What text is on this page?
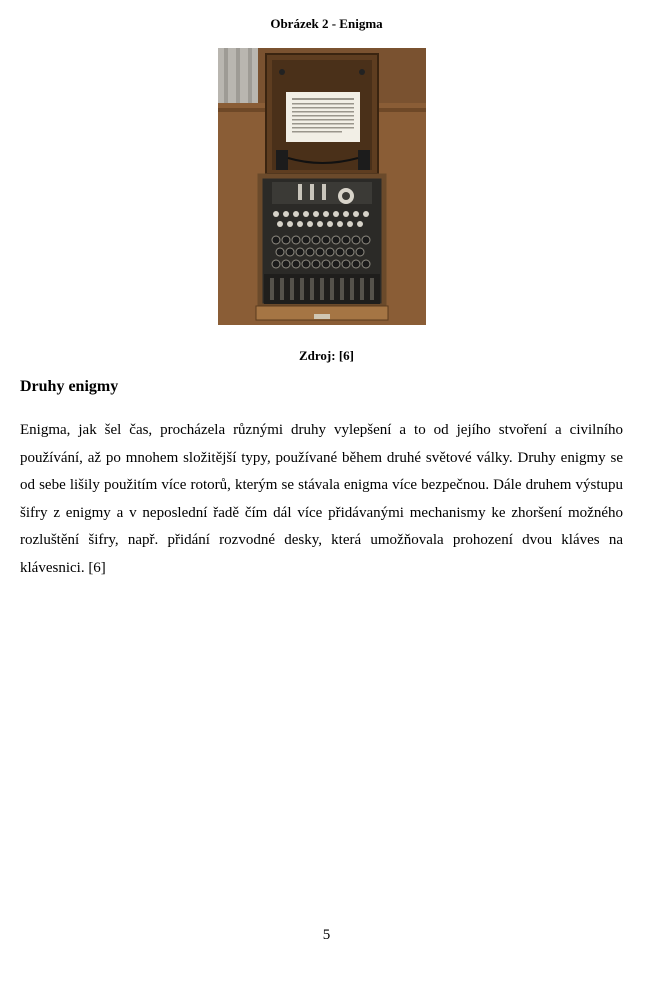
Obrázek 2 - Enigma
Zdroj: [6]
Druhy enigmy
Enigma, jak šel čas, procházela různými druhy vylepšení a to od jejího stvoření a civilního používání, až po mnohem složitější typy, používané během druhé světové války. Druhy enigmy se od sebe lišily použitím více rotorů, kterým se stávala enigma více bezpečnou. Dále druhem výstupu šifry z enigmy a v neposlední řadě čím dál více přidávanými mechanismy ke zhoršení možného rozluštění šifry, např. přidání rozvodné desky, která umožňovala prohození dvou kláves na klávesnici. [6]
5
